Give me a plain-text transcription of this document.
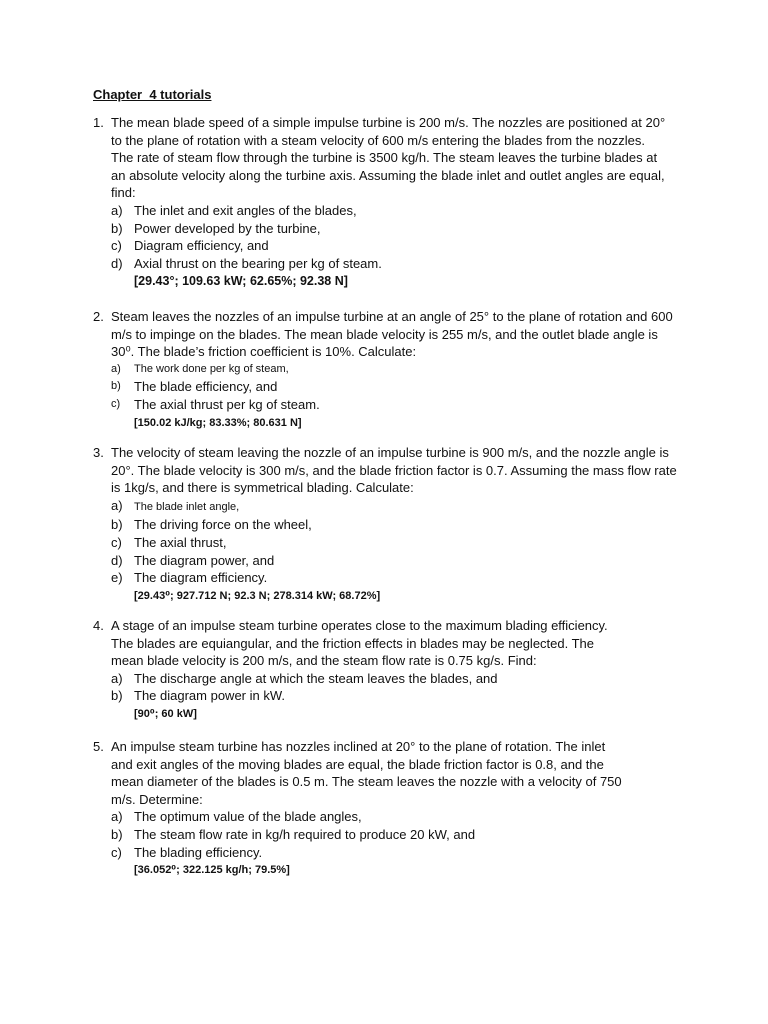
Chapter  4 tutorials
1. The mean blade speed of a simple impulse turbine is 200 m/s. The nozzles are positioned at 20° to the plane of rotation with a steam velocity of 600 m/s entering the blades from the nozzles. The rate of steam flow through the turbine is 3500 kg/h. The steam leaves the turbine blades at an absolute velocity along the turbine axis. Assuming the blade inlet and outlet angles are equal, find:
a) The inlet and exit angles of the blades,
b) Power developed by the turbine,
c) Diagram efficiency, and
d) Axial thrust on the bearing per kg of steam.
[29.43°; 109.63 kW; 62.65%; 92.38 N]
2. Steam leaves the nozzles of an impulse turbine at an angle of 25° to the plane of rotation and 600 m/s to impinge on the blades. The mean blade velocity is 255 m/s, and the outlet blade angle is 30⁰. The blade’s friction coefficient is 10%. Calculate:
a) The work done per kg of steam,
b) The blade efficiency, and
c) The axial thrust per kg of steam.
[150.02 kJ/kg; 83.33%; 80.631 N]
3. The velocity of steam leaving the nozzle of an impulse turbine is 900 m/s, and the nozzle angle is 20°. The blade velocity is 300 m/s, and the blade friction factor is 0.7. Assuming the mass flow rate is 1kg/s, and there is symmetrical blading. Calculate:
a) The blade inlet angle,
b) The driving force on the wheel,
c) The axial thrust,
d) The diagram power, and
e) The diagram efficiency.
[29.43⁰; 927.712 N; 92.3 N; 278.314 kW; 68.72%]
4. A stage of an impulse steam turbine operates close to the maximum blading efficiency. The blades are equiangular, and the friction effects in blades may be neglected. The mean blade velocity is 200 m/s, and the steam flow rate is 0.75 kg/s. Find:
a) The discharge angle at which the steam leaves the blades, and
b) The diagram power in kW.
[90⁰; 60 kW]
5. An impulse steam turbine has nozzles inclined at 20° to the plane of rotation. The inlet and exit angles of the moving blades are equal, the blade friction factor is 0.8, and the mean diameter of the blades is 0.5 m. The steam leaves the nozzle with a velocity of 750 m/s. Determine:
a) The optimum value of the blade angles,
b) The steam flow rate in kg/h required to produce 20 kW, and
c) The blading efficiency.
[36.052⁰; 322.125 kg/h; 79.5%]
